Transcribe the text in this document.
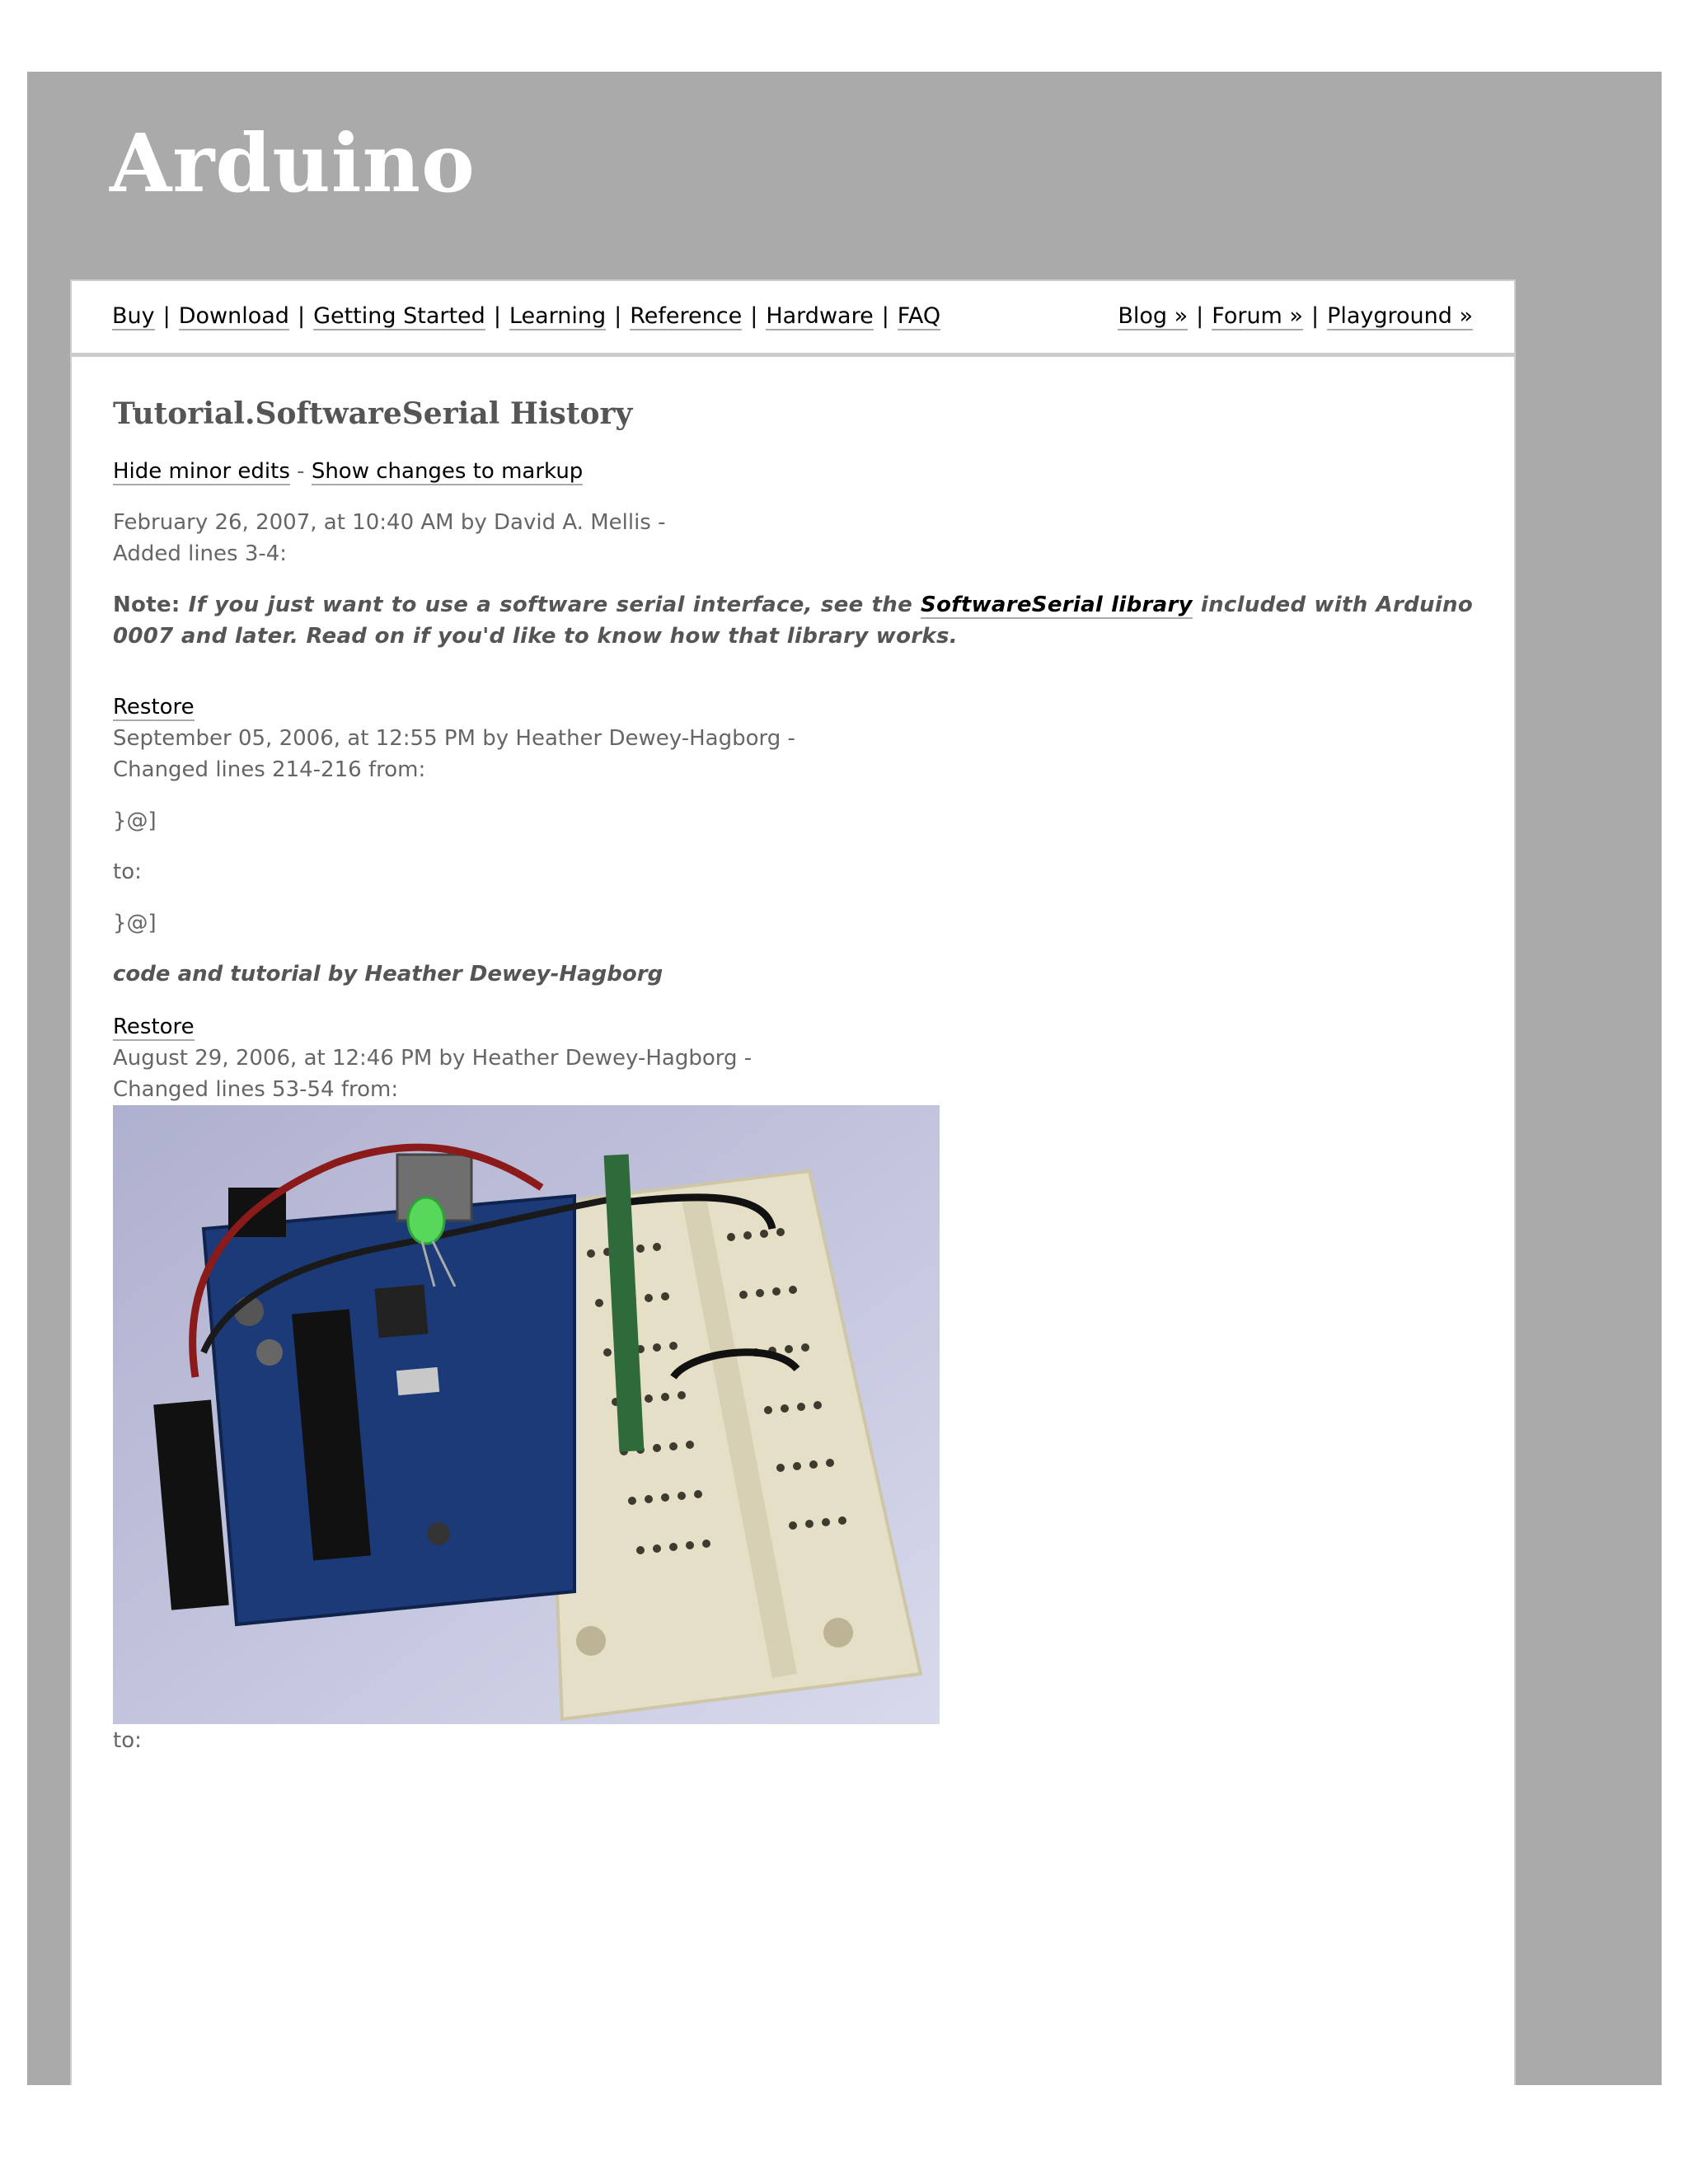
Arduino
Buy | Download | Getting Started | Learning | Reference | Hardware | FAQ	Blog » | Forum » | Playground »
Tutorial.SoftwareSerial History
Hide minor edits - Show changes to markup
February 26, 2007, at 10:40 AM by David A. Mellis -
Added lines 3-4:
Note: If you just want to use a software serial interface, see the SoftwareSerial library included with Arduino 0007 and later. Read on if you'd like to know how that library works.
Restore
September 05, 2006, at 12:55 PM by Heather Dewey-Hagborg -
Changed lines 214-216 from:
}@]
to:
}@]
code and tutorial by Heather Dewey-Hagborg
Restore
August 29, 2006, at 12:46 PM by Heather Dewey-Hagborg -
Changed lines 53-54 from:
to:
